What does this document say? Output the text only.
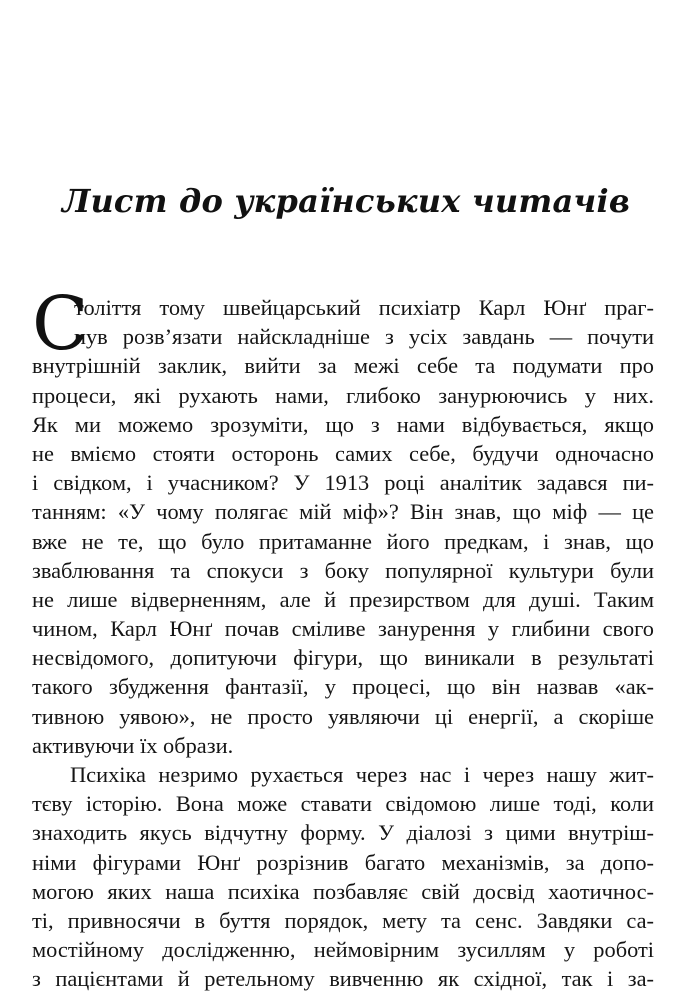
Лист до українських читачів
С
толіття тому швейцарський психіатр Карл Юнґ праг-
нув розв’язати найскладніше з усіх завдань — почути
внутрішній заклик, вийти за межі себе та подумати про
процеси, які рухають нами, глибоко занурюючись у них.
Як ми можемо зрозуміти, що з нами відбувається, якщо
не вміємо стояти осторонь самих себе, будучи одночасно
і свідком, і учасником? У 1913 році аналітик задався пи-
танням: «У чому полягає мій міф»? Він знав, що міф — це
вже не те, що було притаманне його предкам, і знав, що
зваблювання та спокуси з боку популярної культури були
не лише відверненням, але й презирством для душі. Таким
чином, Карл Юнґ почав сміливе занурення у глибини свого
несвідомого, допитуючи фігури, що виникали в результаті
такого збудження фантазії, у процесі, що він назвав «ак-
тивною уявою», не просто уявляючи ці енергії, а скоріше
активуючи їх образи.
Психіка незримо рухається через нас і через нашу жит-
тєву історію. Вона може ставати свідомою лише тоді, коли
знаходить якусь відчутну форму. У діалозі з цими внутріш-
німи фігурами Юнґ розрізнив багато механізмів, за допо-
могою яких наша психіка позбавляє свій досвід хаотичнос-
ті, привносячи в буття порядок, мету та сенс. Завдяки са-
мостійному дослідженню, неймовірним зусиллям у роботі
з пацієнтами й ретельному вивченню як східної, так і за-
